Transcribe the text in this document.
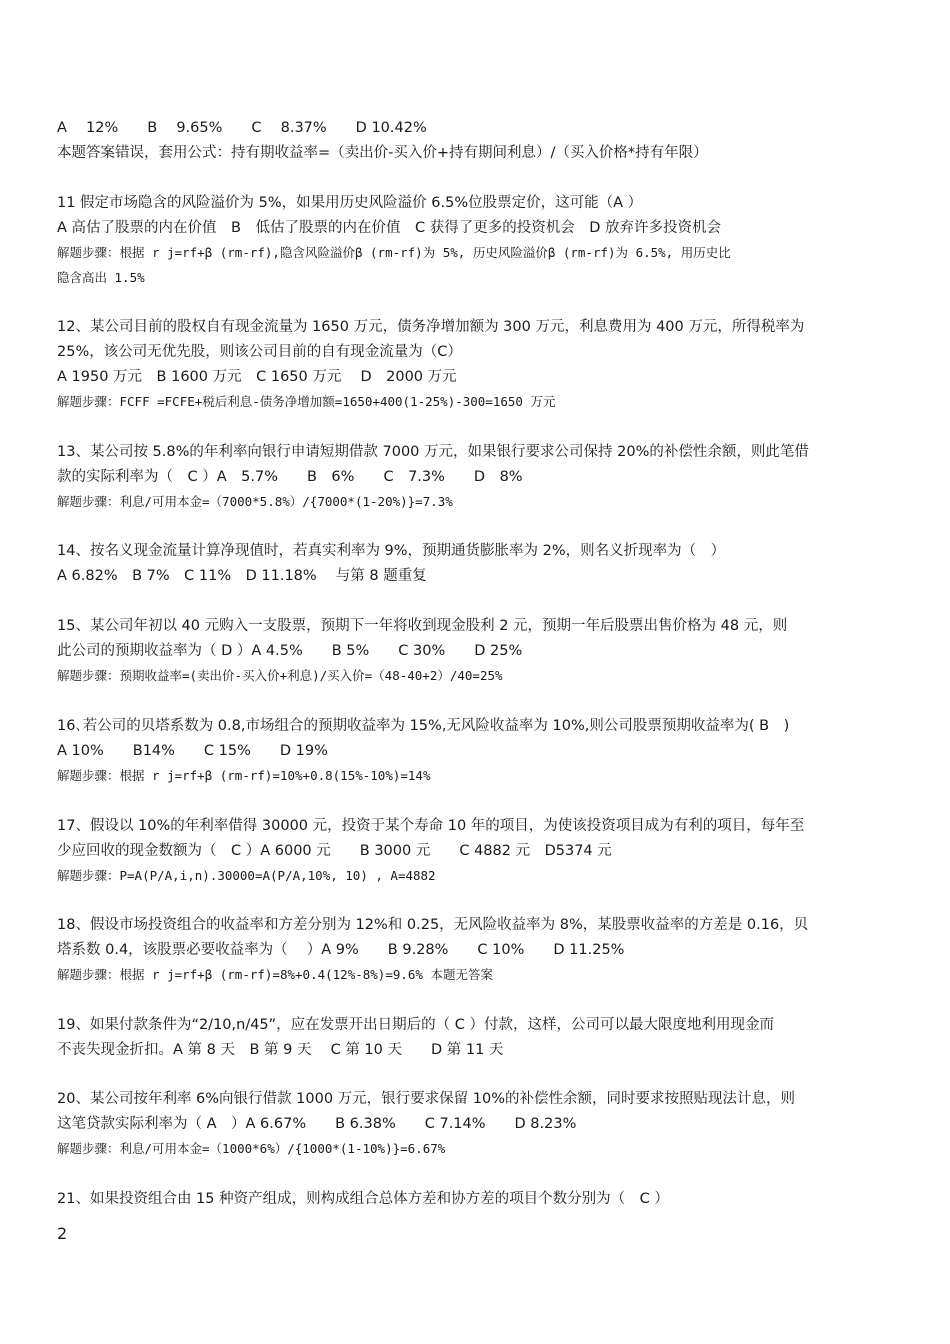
A　 12%　　B　 9.65%　　C　 8.37%　　D 10.42%
本题答案错误，套用公式：持有期收益率=（卖出价-买入价+持有期间利息）/（买入价格*持有年限）
11 假定市场隐含的风险溢价为 5%，如果用历史风险溢价 6.5%位股票定价，这可能（A ）
A 高估了股票的内在价值　B　低估了股票的内在价值　C 获得了更多的投资机会　D 放弃许多投资机会
解题步骤：根据 r j=rf+β (rm-rf),隐含风险溢价β (rm-rf)为 5%, 历史风险溢价β (rm-rf)为 6.5%, 用历史比
隐含高出 1.5%
12、某公司目前的股权自有现金流量为 1650 万元，债务净增加额为 300 万元，利息费用为 400 万元，所得税率为
25%，该公司无优先股，则该公司目前的自有现金流量为（C）
A 1950 万元　B 1600 万元　C 1650 万元　 D　2000 万元
解题步骤：FCFF =FCFE+税后利息-债务净增加额=1650+400(1-25%)-300=1650 万元
13、某公司按 5.8%的年利率向银行申请短期借款 7000 万元，如果银行要求公司保持 20%的补偿性余额，则此笔借
款的实际利率为（　C ）A　5.7%　　B　6%　　C　7.3%　　D　8%
解题步骤：利息/可用本金=（7000*5.8%）/{7000*(1-20%)}=7.3%
14、按名义现金流量计算净现值时，若真实利率为 9%，预期通货膨胀率为 2%，则名义折现率为（　）
A 6.82%　B 7%　C 11%　D 11.18%　 与第 8 题重复
15、某公司年初以 40 元购入一支股票，预期下一年将收到现金股利 2 元，预期一年后股票出售价格为 48 元，则
此公司的预期收益率为（ D ）A 4.5%　　B 5%　　C 30%　　D 25%
解题步骤：预期收益率=(卖出价-买入价+利息)/买入价=（48-40+2）/40=25%
16､若公司的贝塔系数为 0.8,市场组合的预期收益率为 15%,无风险收益率为 10%,则公司股票预期收益率为( B　)
A 10%　　B14%　　C 15%　　D 19%
解题步骤：根据 r j=rf+β (rm-rf)=10%+0.8(15%-10%)=14%
17、假设以 10%的年利率借得 30000 元，投资于某个寿命 10 年的项目，为使该投资项目成为有利的项目，每年至
少应回收的现金数额为（　C ）A 6000 元　　B 3000 元　　C 4882 元　D5374 元
解题步骤：P=A(P/A,i,n).30000=A(P/A,10%, 10) , A=4882
18、假设市场投资组合的收益率和方差分别为 12%和 0.25，无风险收益率为 8%，某股票收益率的方差是 0.16，贝
塔系数 0.4，该股票必要收益率为（　 ）A 9%　　B 9.28%　　C 10%　　D 11.25%
解题步骤：根据 r j=rf+β (rm-rf)=8%+0.4(12%-8%)=9.6% 本题无答案
19、如果付款条件为“2/10,n/45”，应在发票开出日期后的（ C ）付款，这样，公司可以最大限度地利用现金而
不丧失现金折扣。A 第 8 天　B 第 9 天　 C 第 10 天　　D 第 11 天
20、某公司按年利率 6%向银行借款 1000 万元，银行要求保留 10%的补偿性余额，同时要求按照贴现法计息，则
这笔贷款实际利率为（ A　）A 6.67%　　B 6.38%　　C 7.14%　　D 8.23%
解题步骤：利息/可用本金=（1000*6%）/{1000*(1-10%)}=6.67%
21、如果投资组合由 15 种资产组成，则构成组合总体方差和协方差的项目个数分别为（　C ）
2
